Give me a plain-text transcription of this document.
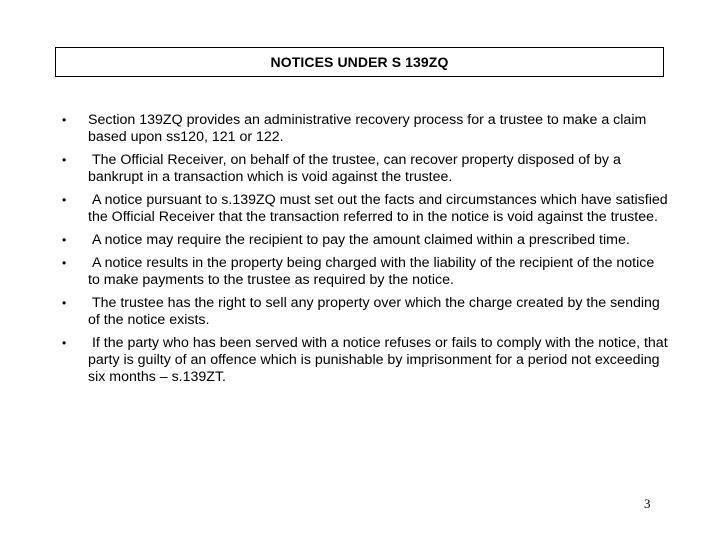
NOTICES UNDER S 139ZQ
• Section 139ZQ provides an administrative recovery process for a trustee to make a claim based upon ss120, 121 or 122.
• The Official Receiver, on behalf of the trustee, can recover property disposed of by a bankrupt in a transaction which is void against the trustee.
• A notice pursuant to s.139ZQ must set out the facts and circumstances which have satisfied the Official Receiver that the transaction referred to in the notice is void against the trustee.
• A notice may require the recipient to pay the amount claimed within a prescribed time.
• A notice results in the property being charged with the liability of the recipient of the notice to make payments to the trustee as required by the notice.
• The trustee has the right to sell any property over which the charge created by the sending of the notice exists.
• If the party who has been served with a notice refuses or fails to comply with the notice, that party is guilty of an offence which is punishable by imprisonment for a period not exceeding six months – s.139ZT.
3
